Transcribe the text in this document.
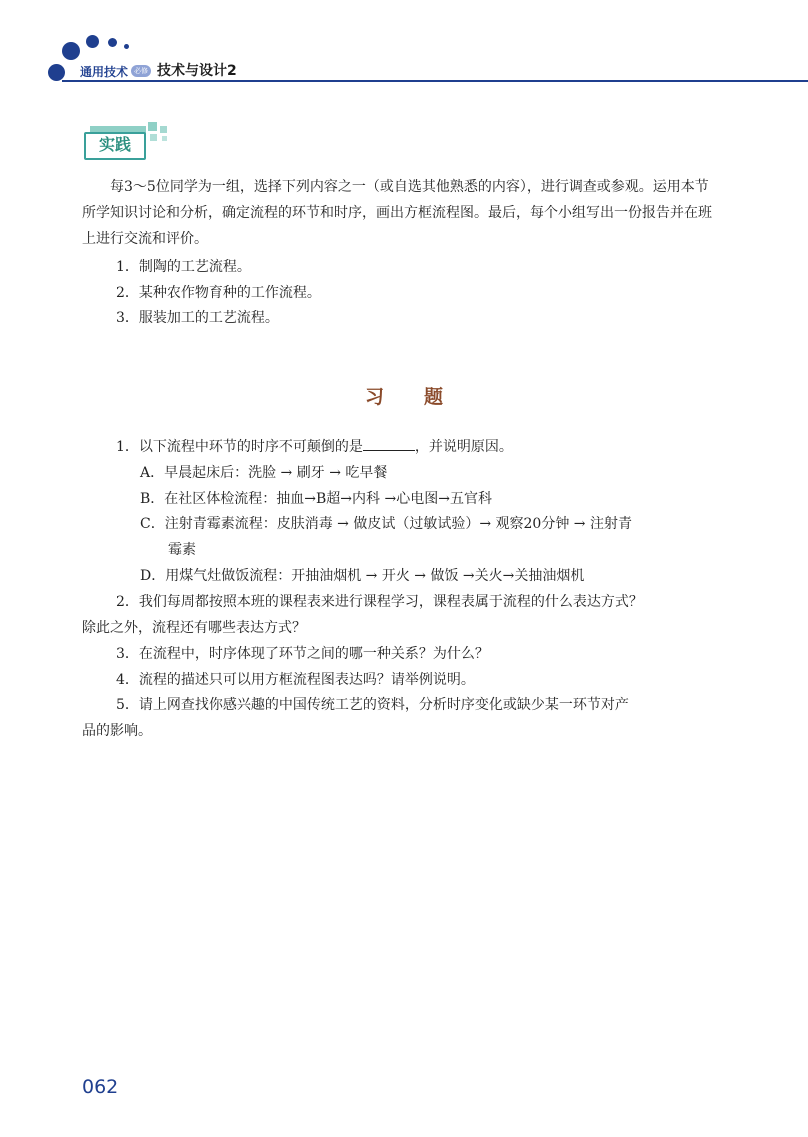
通用技术 必修 技术与设计2
实践

每3～5位同学为一组，选择下列内容之一（或自选其他熟悉的内容），进行调查或参观。运用本节所学知识讨论和分析，确定流程的环节和时序，画出方框流程图。最后，每个小组写出一份报告并在班上进行交流和评价。

1．制陶的工艺流程。
2．某种农作物育种的工作流程。
3．服装加工的工艺流程。
习题
1．以下流程中环节的时序不可颠倒的是	，并说明原因。
A．早晨起床后：洗脸 → 刷牙 → 吃早餐
B．在社区体检流程：抽血→B超→内科 →心电图→五官科
C．注射青霉素流程：皮肤消毒 → 做皮试（过敏试验）→ 观察20分钟 → 注射青
霉素
D．用煤气灶做饭流程：开抽油烟机 → 开火 → 做饭 →关火→关抽油烟机
2．我们每周都按照本班的课程表来进行课程学习，课程表属于流程的什么表达方式？
除此之外，流程还有哪些表达方式？
3．在流程中，时序体现了环节之间的哪一种关系？为什么？
4．流程的描述只可以用方框流程图表达吗？请举例说明。
5．请上网查找你感兴趣的中国传统工艺的资料，分析时序变化或缺少某一环节对产
品的影响。
062
